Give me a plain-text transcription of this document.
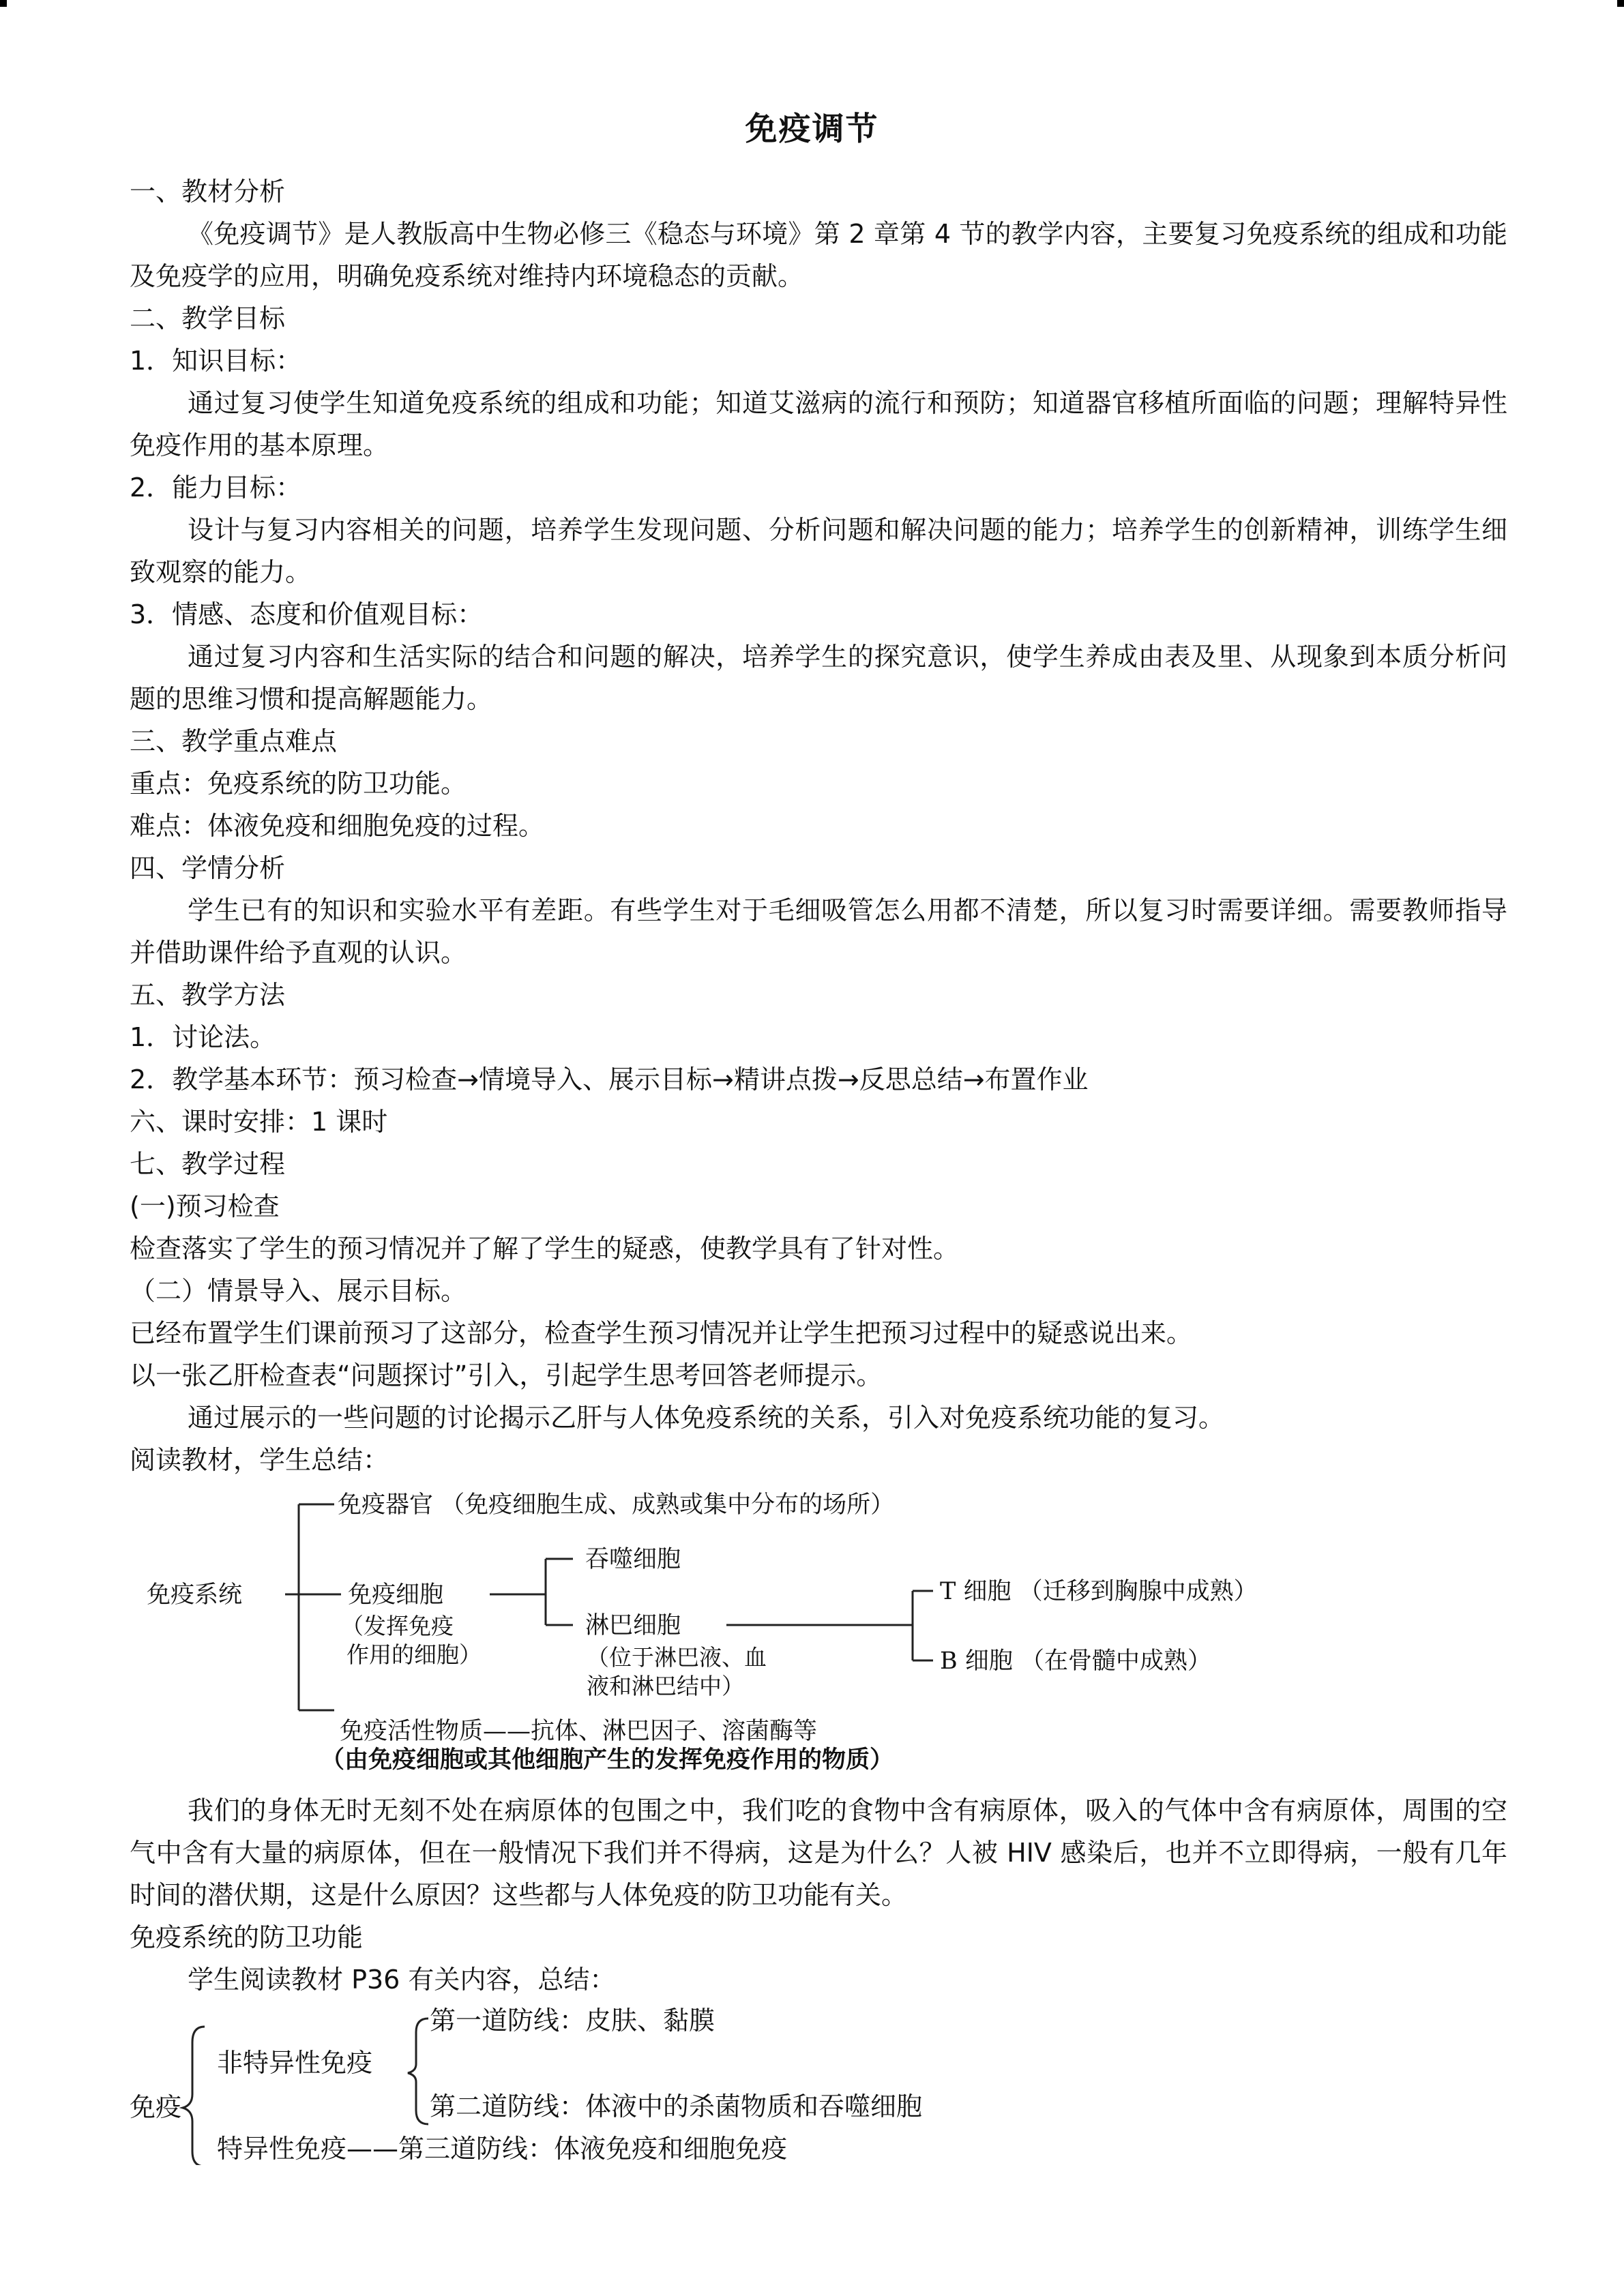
免疫调节
一、教材分析
《免疫调节》是人教版高中生物必修三《稳态与环境》第 2 章第 4 节的教学内容，主要复习免疫系统的组成和功能及免疫学的应用，明确免疫系统对维持内环境稳态的贡献。
二、教学目标
1．知识目标：
通过复习使学生知道免疫系统的组成和功能；知道艾滋病的流行和预防；知道器官移植所面临的问题；理解特异性免疫作用的基本原理。
2．能力目标：
设计与复习内容相关的问题，培养学生发现问题、分析问题和解决问题的能力；培养学生的创新精神，训练学生细致观察的能力。
3．情感、态度和价值观目标：
通过复习内容和生活实际的结合和问题的解决，培养学生的探究意识，使学生养成由表及里、从现象到本质分析问题的思维习惯和提高解题能力。
三、教学重点难点
重点：免疫系统的防卫功能。
难点：体液免疫和细胞免疫的过程。
四、学情分析
学生已有的知识和实验水平有差距。有些学生对于毛细吸管怎么用都不清楚，所以复习时需要详细。需要教师指导并借助课件给予直观的认识。
五、教学方法
1．讨论法。
2．教学基本环节：预习检查→情境导入、展示目标→精讲点拨→反思总结→布置作业
六、课时安排：1 课时
七、教学过程
(一)预习检查
检查落实了学生的预习情况并了解了学生的疑惑，使教学具有了针对性。
（二）情景导入、展示目标。
已经布置学生们课前预习了这部分，检查学生预习情况并让学生把预习过程中的疑惑说出来。
以一张乙肝检查表“问题探讨”引入，引起学生思考回答老师提示。
通过展示的一些问题的讨论揭示乙肝与人体免疫系统的关系，引入对免疫系统功能的复习。
阅读教材，学生总结：
免疫器官 （免疫细胞生成、成熟或集中分布的场所）
免疫系统	免疫细胞
（发挥免疫
作用的细胞）
吞噬细胞
淋巴细胞
（位于淋巴液、血
液和淋巴结中）
T 细胞 （迁移到胸腺中成熟）
B 细胞 （在骨髓中成熟）
免疫活性物质——抗体、淋巴因子、溶菌酶等
（由免疫细胞或其他细胞产生的发挥免疫作用的物质）
我们的身体无时无刻不处在病原体的包围之中，我们吃的食物中含有病原体，吸入的气体中含有病原体，周围的空气中含有大量的病原体，但在一般情况下我们并不得病，这是为什么？人被 HIV 感染后，也并不立即得病，一般有几年时间的潜伏期，这是什么原因？这些都与人体免疫的防卫功能有关。
免疫系统的防卫功能
学生阅读教材 P36 有关内容，总结：
免疫
非特异性免疫
第一道防线：皮肤、黏膜
第二道防线：体液中的杀菌物质和吞噬细胞
特异性免疫——第三道防线：体液免疫和细胞免疫
